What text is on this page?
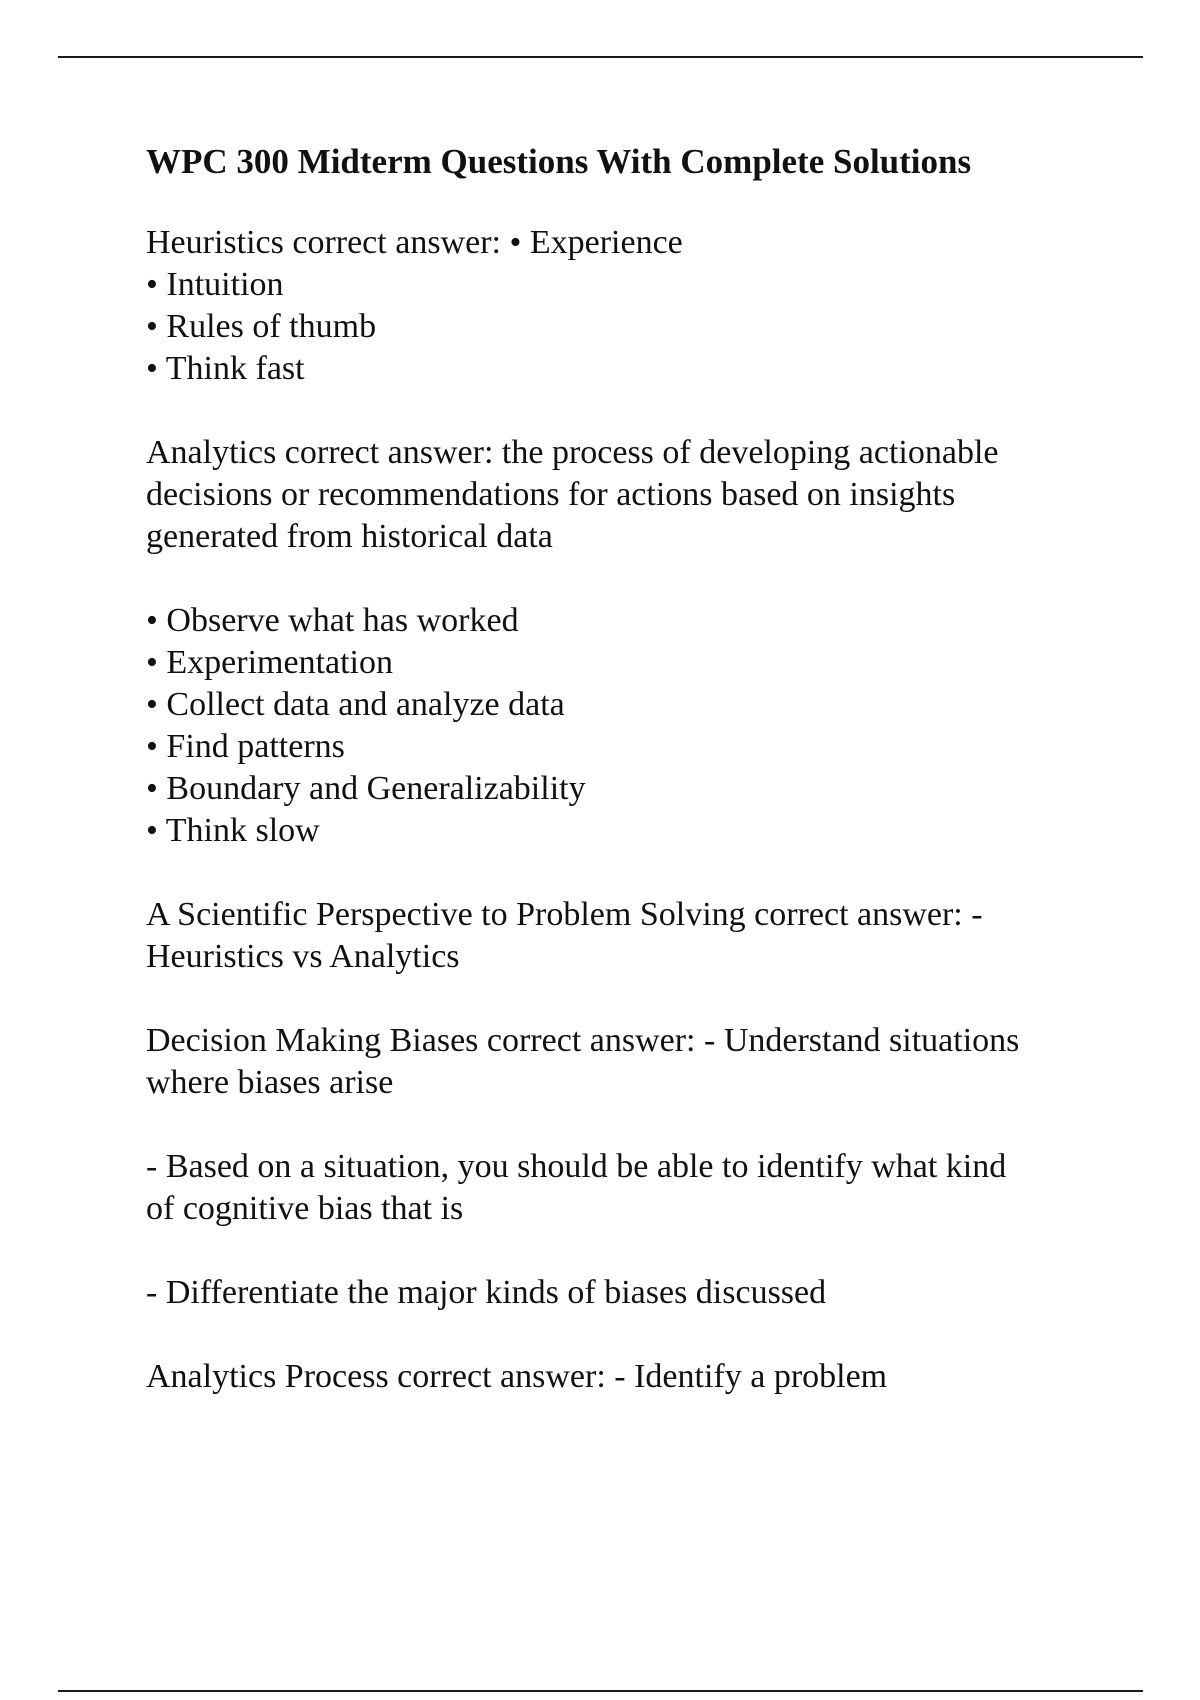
WPC 300 Midterm Questions With Complete Solutions

Heuristics correct answer: • Experience

• Intuition

• Rules of thumb

• Think fast

Analytics correct answer: the process of developing actionable

decisions or recommendations for actions based on insights

generated from historical data

• Observe what has worked

• Experimentation

• Collect data and analyze data

• Find patterns

• Boundary and Generalizability

• Think slow

A Scientific Perspective to Problem Solving correct answer: -

Heuristics vs Analytics

Decision Making Biases correct answer: - Understand situations

where biases arise

- Based on a situation, you should be able to identify what kind

of cognitive bias that is

- Differentiate the major kinds of biases discussed

Analytics Process correct answer: - Identify a problem
